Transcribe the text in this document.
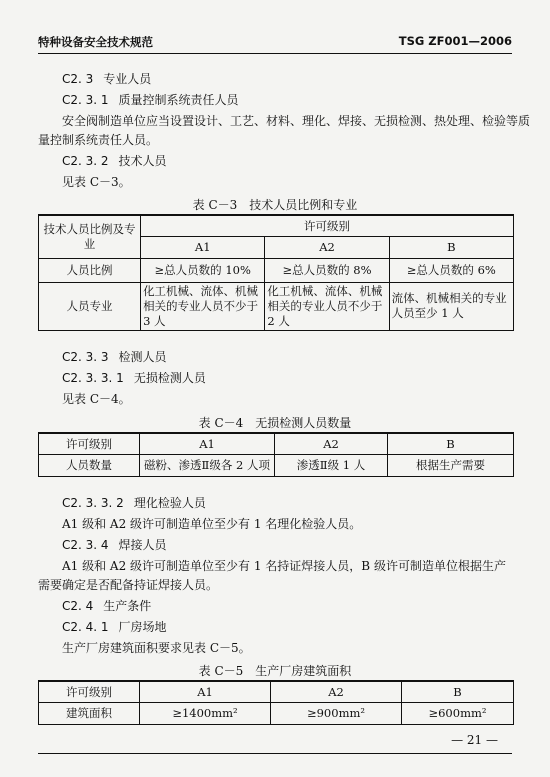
特种设备安全技术规范	TSG ZF001—2006
C2. 3 专业人员
C2. 3. 1 质量控制系统责任人员
安全阀制造单位应当设置设计、工艺、材料、理化、焊接、无损检测、热处理、检验等质
量控制系统责任人员。
C2. 3. 2 技术人员
见表 C－3。
表 C－3　技术人员比例和专业
技术人员比例及专业	许可级别		
	A1	A2	B
人员比例	≥总人员数的 10%	≥总人员数的 8%	≥总人员数的 6%
人员专业	化工机械、流体、机械相关的专业人员不少于 3 人	化工机械、流体、机械相关的专业人员不少于 2 人	流体、机械相关的专业人员至少 1 人
C2. 3. 3 检测人员
C2. 3. 3. 1 无损检测人员
见表 C－4。
表 C－4　无损检测人员数量
许可级别	A1	A2	B
人员数量	磁粉、渗透Ⅱ级各 2 人项	渗透Ⅱ级 1 人	根据生产需要
C2. 3. 3. 2 理化检验人员
A1 级和 A2 级许可制造单位至少有 1 名理化检验人员。
C2. 3. 4 焊接人员
A1 级和 A2 级许可制造单位至少有 1 名持证焊接人员，B 级许可制造单位根据生产
需要确定是否配备持证焊接人员。
C2. 4 生产条件
C2. 4. 1 厂房场地
生产厂房建筑面积要求见表 C－5。
表 C－5　生产厂房建筑面积
许可级别	A1	A2	B
建筑面积	≥1400mm²	≥900mm²	≥600mm²
— 21 —
